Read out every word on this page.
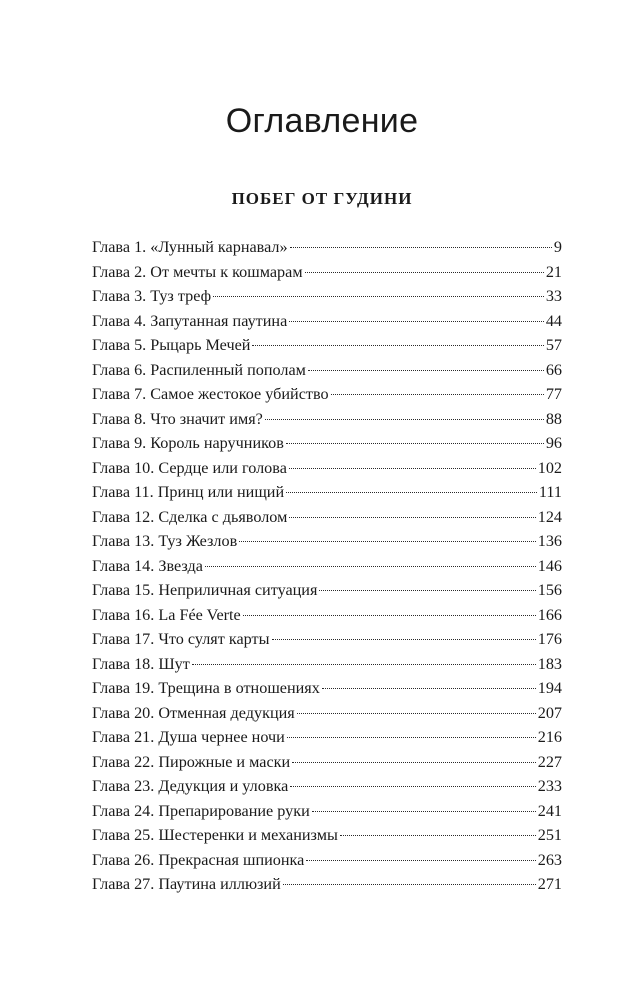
Оглавление
ПОБЕГ ОТ ГУДИНИ
Глава 1. «Лунный карнавал»	9
Глава 2. От мечты к кошмарам	21
Глава 3. Туз треф	33
Глава 4. Запутанная паутина	44
Глава 5. Рыцарь Мечей	57
Глава 6. Распиленный пополам	66
Глава 7. Самое жестокое убийство	77
Глава 8. Что значит имя?	88
Глава 9. Король наручников	96
Глава 10. Сердце или голова	102
Глава 11. Принц или нищий	111
Глава 12. Сделка с дьяволом	124
Глава 13. Туз Жезлов	136
Глава 14. Звезда	146
Глава 15. Неприличная ситуация	156
Глава 16. La Fée Verte	166
Глава 17. Что сулят карты	176
Глава 18. Шут	183
Глава 19. Трещина в отношениях	194
Глава 20. Отменная дедукция	207
Глава 21. Душа чернее ночи	216
Глава 22. Пирожные и маски	227
Глава 23. Дедукция и уловка	233
Глава 24. Препарирование руки	241
Глава 25. Шестеренки и механизмы	251
Глава 26. Прекрасная шпионка	263
Глава 27. Паутина иллюзий	271
